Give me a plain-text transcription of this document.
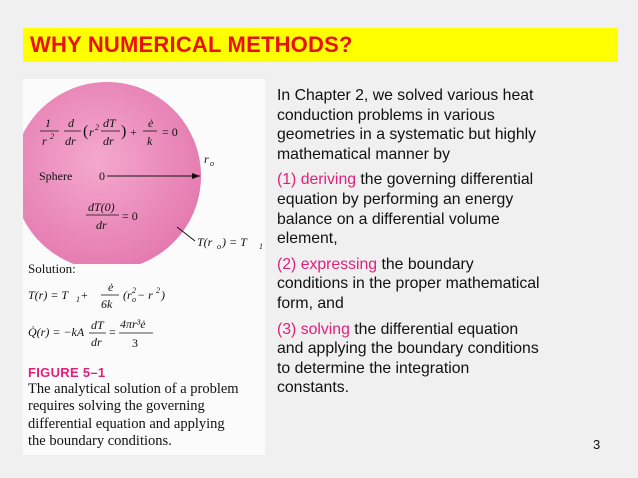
WHY NUMERICAL METHODS?
1
r 2
d
dr
( r 2 dT
dr
) +
ė
k
= 0
r o
Sphere 0
dT(0)
dr
= 0
T(r o ) = T 1
Solution:
T(r) = T 1 +
ė
6k
(r o
2 − r 2 )
Q̇(r) = −kA dT
dr
=
4πr³ė
3
FIGURE 5–1
The analytical solution of a problem
requires solving the governing
differential equation and applying
the boundary conditions.
In Chapter 2, we solved various heat
conduction problems in various
geometries in a systematic but highly
mathematical manner by
(1) deriving the governing differential
equation by performing an energy
balance on a differential volume
element,
(2) expressing the boundary
conditions in the proper mathematical
form, and
(3) solving the differential equation
and applying the boundary conditions
to determine the integration
constants.
3
